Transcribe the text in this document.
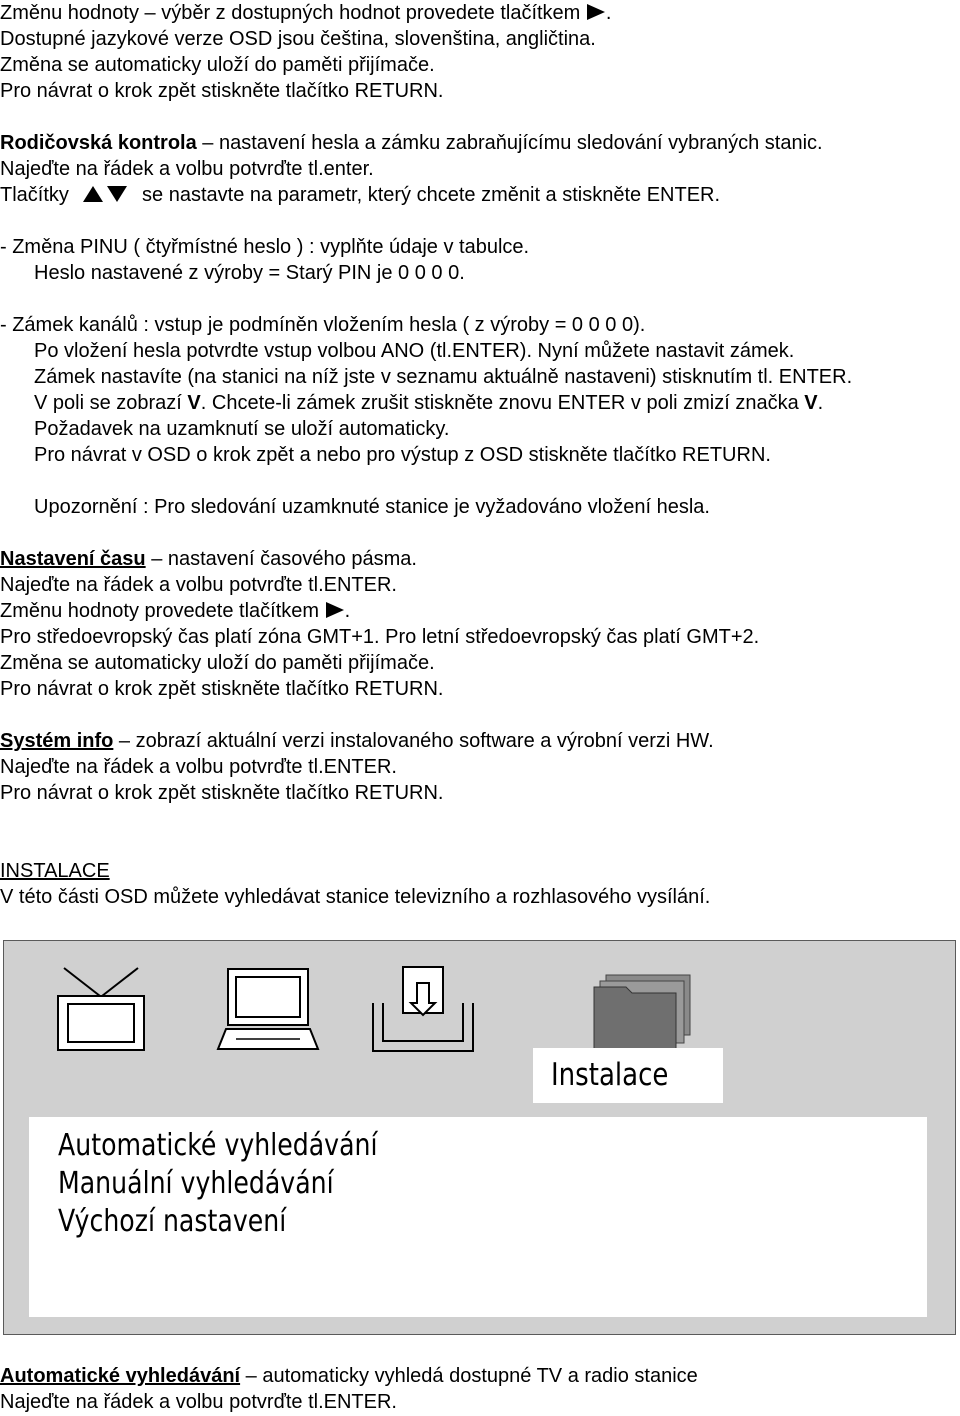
Změnu hodnoty – výběr z dostupných hodnot provedete tlačítkem .
Dostupné jazykové verze OSD jsou čeština, slovenština, angličtina.
Změna se automaticky uloží do paměti přijímače.
Pro návrat o krok zpět stiskněte tlačítko RETURN.
Rodičovská kontrola – nastavení hesla a zámku zabraňujícímu sledování vybraných stanic.
Najeďte na řádek a volbu potvrďte tl.enter.
Tlačítky	se nastavte na parametr, který chcete změnit a stiskněte ENTER.
- Změna PINU ( čtyřmístné heslo ) : vyplňte údaje v tabulce.
Heslo nastavené z výroby = Starý PIN je 0 0 0 0.
- Zámek kanálů : vstup je podmíněn vložením hesla ( z výroby = 0 0 0 0).
Po vložení hesla potvrdte vstup volbou ANO (tl.ENTER). Nyní můžete nastavit zámek.
Zámek nastavíte (na stanici na níž jste v seznamu aktuálně nastaveni) stisknutím tl. ENTER.
V poli se zobrazí V. Chcete-li zámek zrušit stiskněte znovu ENTER v poli zmizí značka V.
Požadavek na uzamknutí se uloží automaticky.
Pro návrat v OSD o krok zpět a nebo pro výstup z OSD stiskněte tlačítko RETURN.
Upozornění : Pro sledování uzamknuté stanice je vyžadováno vložení hesla.
Nastavení času – nastavení časového pásma.
Najeďte na řádek a volbu potvrďte tl.ENTER.
Změnu hodnoty provedete tlačítkem .
Pro středoevropský čas platí zóna GMT+1. Pro letní středoevropský čas platí GMT+2.
Změna se automaticky uloží do paměti přijímače.
Pro návrat o krok zpět stiskněte tlačítko RETURN.
Systém info – zobrazí aktuální verzi instalovaného software a výrobní verzi HW.
Najeďte na řádek a volbu potvrďte tl.ENTER.
Pro návrat o krok zpět stiskněte tlačítko RETURN.
INSTALACE
V této části OSD můžete vyhledávat stanice televizního a rozhlasového vysílání.
Instalace
Automatické vyhledávání
Manuální vyhledávání
Výchozí nastavení
Automatické vyhledávání – automaticky vyhledá dostupné TV a radio stanice
Najeďte na řádek a volbu potvrďte tl.ENTER.
